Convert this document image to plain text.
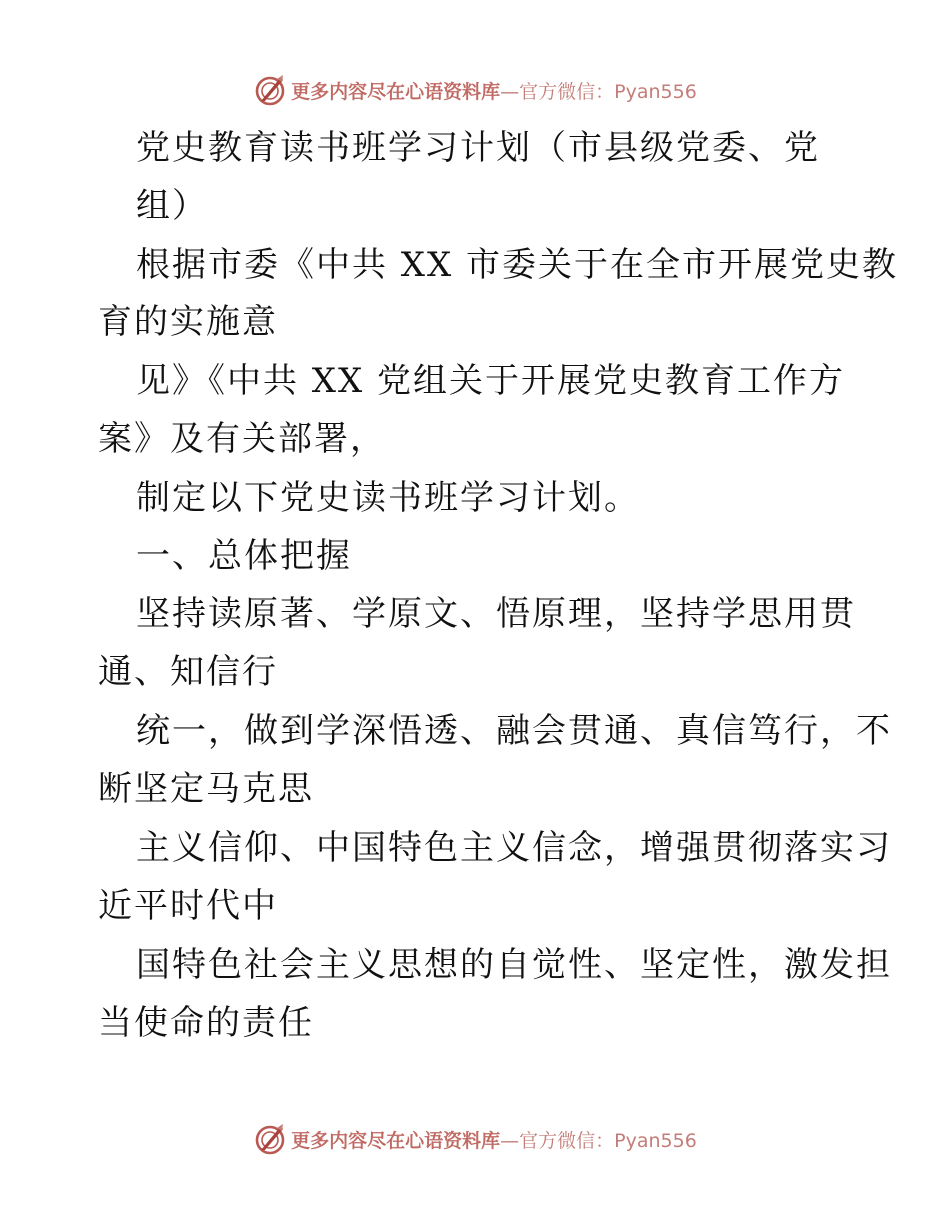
更多内容尽在心语资料库—官方微信：Pyan556
党史教育读书班学习计划（市县级党委、党
组）
根据市委《中共 XX 市委关于在全市开展党史教
育的实施意
见》《中共 XX 党组关于开展党史教育工作方
案》及有关部署，
制定以下党史读书班学习计划。
一、总体把握
坚持读原著、学原文、悟原理，坚持学思用贯
通、知信行
统一，做到学深悟透、融会贯通、真信笃行，不
断坚定马克思
主义信仰、中国特色主义信念，增强贯彻落实习
近平时代中
国特色社会主义思想的自觉性、坚定性，激发担
当使命的责任
更多内容尽在心语资料库—官方微信：Pyan556
